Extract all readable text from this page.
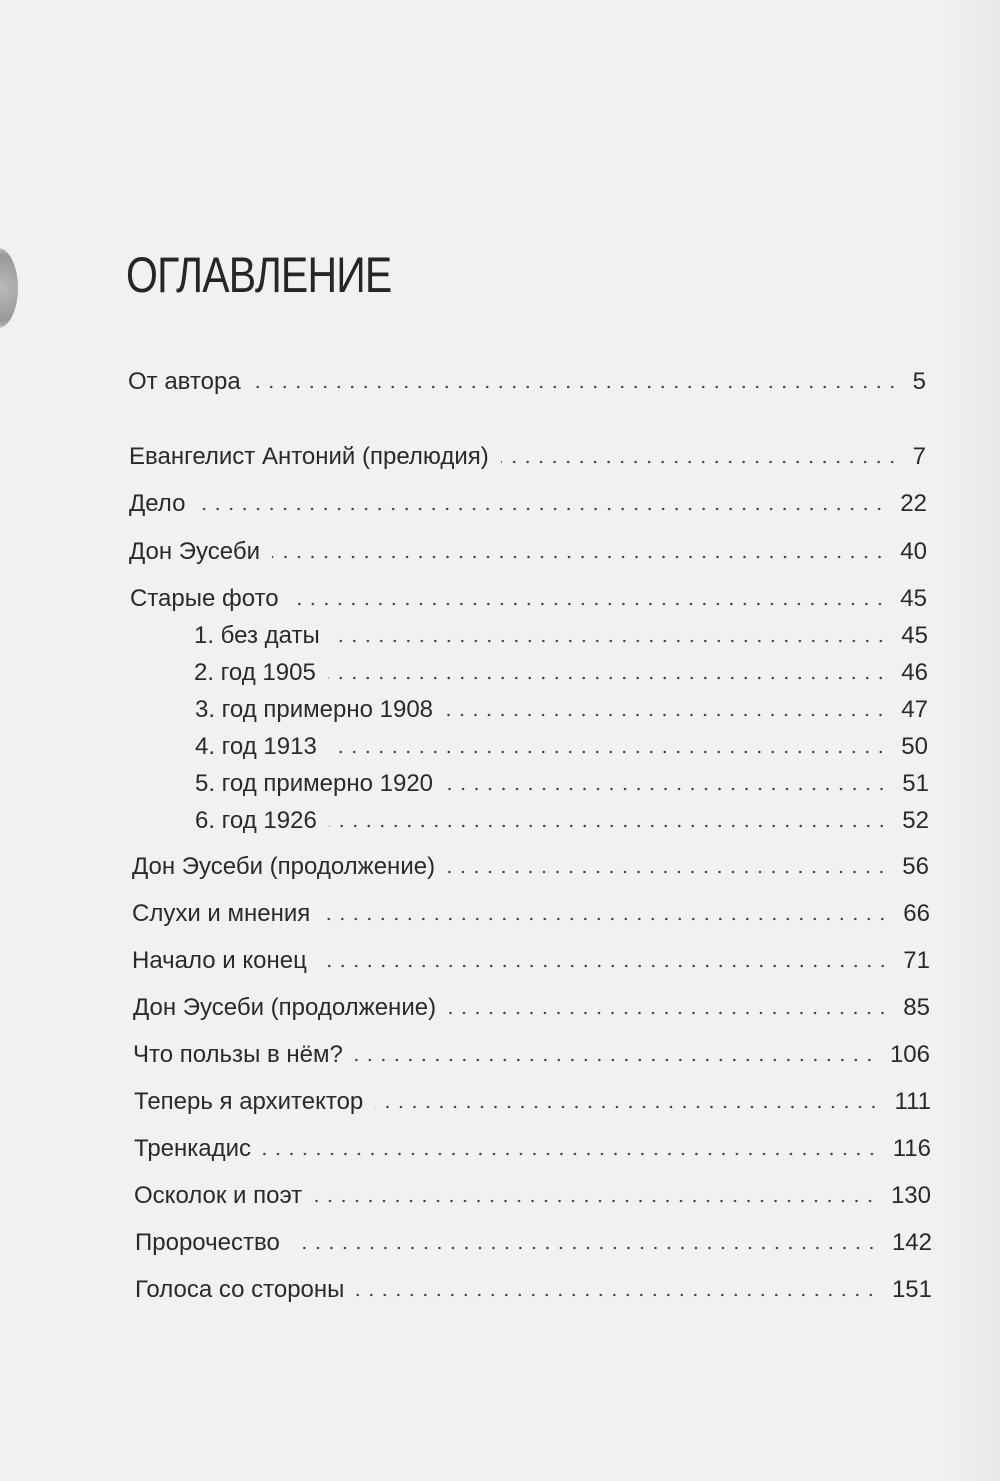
ОГЛАВЛЕНИЕ
От автора	5
Евангелист Антоний (прелюдия)	7
Дело	22
Дон Эусеби	40
Старые фото	45
1. без даты	45
2. год 1905	46
3. год примерно 1908	47
4. год 1913	50
5. год примерно 1920	51
6. год 1926	52
Дон Эусеби (продолжение)	56
Слухи и мнения	66
Начало и конец	71
Дон Эусеби (продолжение)	85
Что пользы в нём?	106
Теперь я архитектор	111
Тренкадис	116
Осколок и поэт	130
Пророчество	142
Голоса со стороны	151
